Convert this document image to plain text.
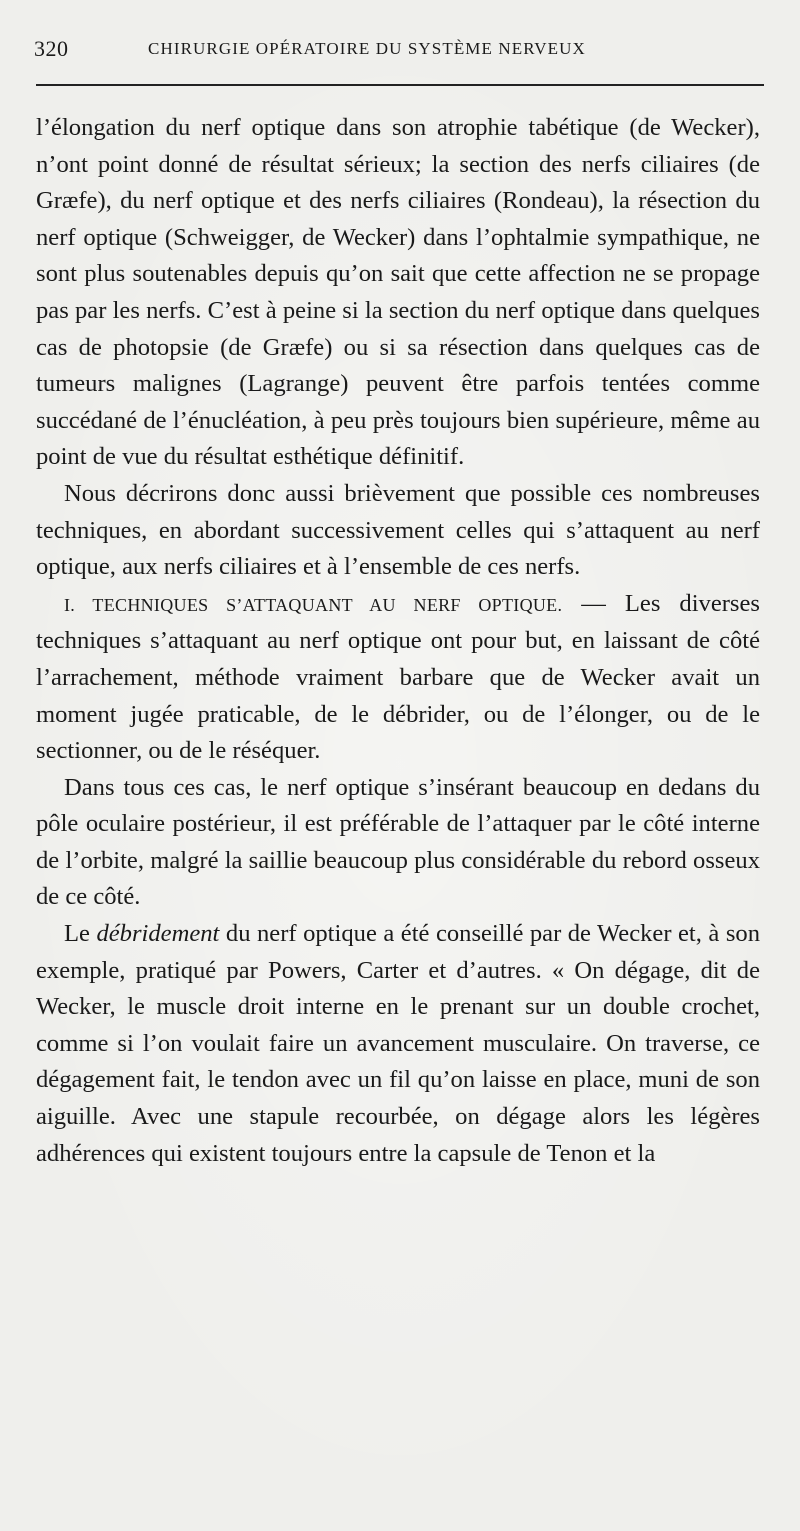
320	CHIRURGIE OPÉRATOIRE DU SYSTÈME NERVEUX

l’élongation du nerf optique dans son atrophie tabétique (de Wecker), n’ont point donné de résultat sérieux; la section des nerfs ciliaires (de Græfe), du nerf optique et des nerfs ciliaires (Rondeau), la résection du nerf optique (Schweigger, de Wecker) dans l’ophtalmie sympathique, ne sont plus soutenables depuis qu’on sait que cette affection ne se propage pas par les nerfs. C’est à peine si la section du nerf optique dans quelques cas de photopsie (de Græfe) ou si sa résection dans quelques cas de tumeurs malignes (Lagrange) peuvent être parfois tentées comme succédané de l’énucléation, à peu près toujours bien supérieure, même au point de vue du résultat esthétique définitif.

Nous décrirons donc aussi brièvement que possible ces nombreuses techniques, en abordant successivement celles qui s’attaquent au nerf optique, aux nerfs ciliaires et à l’ensemble de ces nerfs.

I. TECHNIQUES S’ATTAQUANT AU NERF OPTIQUE. — Les diverses techniques s’attaquant au nerf optique ont pour but, en laissant de côté l’arrachement, méthode vraiment barbare que de Wecker avait un moment jugée praticable, de le débrider, ou de l’élonger, ou de le sectionner, ou de le réséquer.

Dans tous ces cas, le nerf optique s’insérant beaucoup en dedans du pôle oculaire postérieur, il est préférable de l’attaquer par le côté interne de l’orbite, malgré la saillie beaucoup plus considérable du rebord osseux de ce côté.

Le débridement du nerf optique a été conseillé par de Wecker et, à son exemple, pratiqué par Powers, Carter et d’autres. « On dégage, dit de Wecker, le muscle droit interne en le prenant sur un double crochet, comme si l’on voulait faire un avancement musculaire. On traverse, ce dégagement fait, le tendon avec un fil qu’on laisse en place, muni de son aiguille. Avec une stapule recourbée, on dégage alors les légères adhérences qui existent toujours entre la capsule de Tenon et la
